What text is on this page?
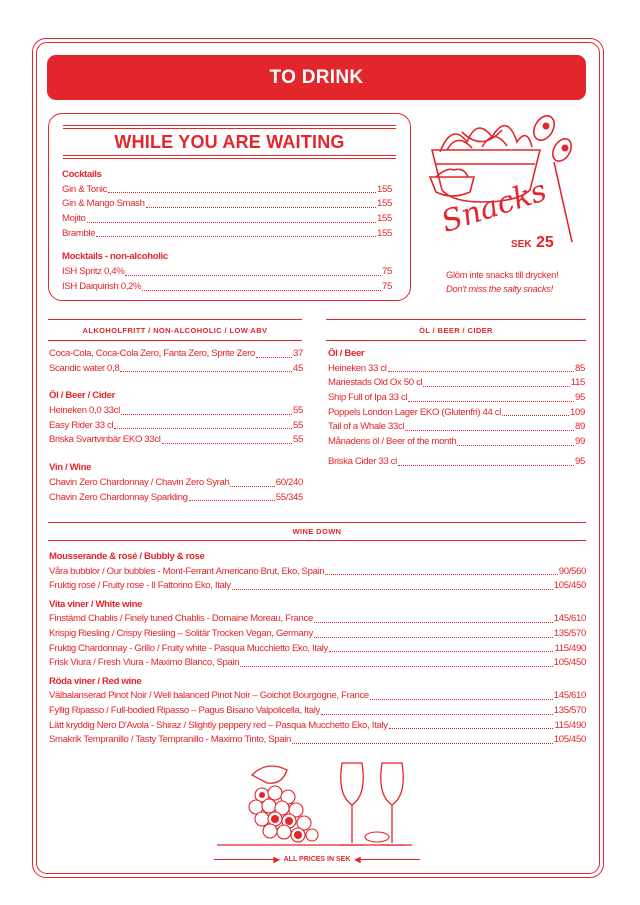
TO DRINK
WHILE YOU ARE WAITING
Cocktails
Gin & Tonic	155
Gin & Mango Smash	155
Mojito	155
Bramble	155
Mocktails - non-alcoholic
ISH Spritz 0,4%	75
ISH Daiquirish 0,2%	75
Snacks
SEK 25
Glöm inte snacks till drycken!
Don't miss the salty snacks!
ALKOHOLFRITT / NON-ALCOHOLIC / LOW ABV
Coca-Cola, Coca-Cola Zero, Fanta Zero, Sprite Zero	37
Scandic water 0,8	45
Öl / Beer / Cider
Heineken 0,0 33cl	55
Easy Rider 33 cl	55
Briska Svartvinbär EKO 33cl	55
Vin / Wine
Chavin Zero Chardonnay / Chavin Zero Syrah	60/240
Chavin Zero Chardonnay Sparkling	55/345
ÖL / BEER / CIDER
Öl / Beer
Heineken 33 cl	85
Mariestads Old Ox 50 cl	115
Ship Full of Ipa 33 cl	95
Poppels London Lager EKO (Glutenfri) 44 cl	109
Tail of a Whale 33cl	89
Månadens öl / Beer of the month	99
Briska Cider 33 cl	95
WINE DOWN
Mousserande & rosé / Bubbly & rose
Våra bubblor / Our bubbles - Mont-Ferrant Americano Brut, Eko, Spain	90/560
Fruktig rosé / Fruity rose - Il Fattorino Eko, Italy	105/450
Vita viner / White wine
Finstämd Chablis / Finely tuned Chablis - Domaine Moreau, France	145/610
Krispig Riesling / Crispy Riesling – Solitär Trocken Vegan, Germany	135/570
Fruktig Chardonnay - Grillo / Fruity white - Pasqua Mucchietto Eko, Italy	115/490
Frisk Viura / Fresh Viura - Maximo Blanco, Spain	105/450
Röda viner / Red wine
Välbalanserad Pinot Noir / Well balanced Pinot Noir – Goichot Bourgogne, France	145/610
Fyllig Ripasso / Full-bodied Ripasso – Pagus Bisano Valpolicella, Italy	135/570
Lätt kryddig Nero D'Avola - Shiraz / Slightly peppery red – Pasqua Mucchetto Eko, Italy	115/490
Smakrik Tempranillo / Tasty Tempranillo - Maximo Tinto, Spain	105/450
▶ ALL PRICES IN SEK ◀
